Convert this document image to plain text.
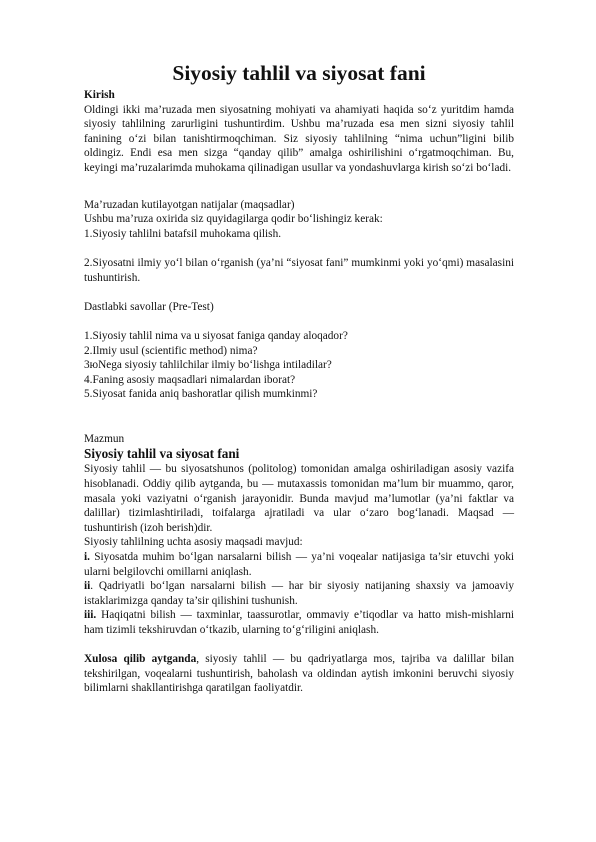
Siyosiy tahlil va siyosat fani
Kirish

Oldingi ikki ma’ruzada men siyosatning mohiyati va ahamiyati haqida so‘z yuritdim hamda siyosiy tahlilning zarurligini tushuntirdim. Ushbu ma’ruzada esa men sizni siyosiy tahlil fanining o‘zi bilan tanishtirmoqchiman. Siz siyosiy tahlilning “nima uchun”ligini bilib oldingiz. Endi esa men sizga “qanday qilib” amalga oshirilishini o‘rgatmoqchiman. Bu, keyingi ma’ruzalarimda muhokama qilinadigan usullar va yondashuvlarga kirish so‘zi bo‘ladi.

Ma’ruzadan kutilayotgan natijalar (maqsadlar)

Ushbu ma’ruza oxirida siz quyidagilarga qodir bo‘lishingiz kerak:

1.Siyosiy tahlilni batafsil muhokama qilish.

2.Siyosatni ilmiy yo‘l bilan o‘rganish (ya’ni “siyosat fani” mumkinmi yoki yo‘qmi) masalasini tushuntirish.

Dastlabki savollar (Pre-Test)

1.Siyosiy tahlil nima va u siyosat faniga qanday aloqador?

2.Ilmiy usul (scientific method) nima?

3юNega siyosiy tahlilchilar ilmiy bo‘lishga intiladilar?

4.Faning asosiy maqsadlari nimalardan iborat?

5.Siyosat fanida aniq bashoratlar qilish mumkinmi?

Mazmun

Siyosiy tahlil va siyosat fani

Siyosiy tahlil — bu siyosatshunos (politolog) tomonidan amalga oshiriladigan asosiy vazifa hisoblanadi. Oddiy qilib aytganda, bu — mutaxassis tomonidan ma’lum bir muammo, qaror, masala yoki vaziyatni o‘rganish jarayonidir. Bunda mavjud ma’lumotlar (ya’ni faktlar va dalillar) tizimlashtiriladi, toifalarga ajratiladi va ular o‘zaro bog‘lanadi. Maqsad — tushuntirish (izoh berish)dir.

Siyosiy tahlilning uchta asosiy maqsadi mavjud:

i. Siyosatda muhim bo‘lgan narsalarni bilish — ya’ni voqealar natijasiga ta’sir etuvchi yoki ularni belgilovchi omillarni aniqlash.

ii. Qadriyatli bo‘lgan narsalarni bilish — har bir siyosiy natijaning shaxsiy va jamoaviy istaklarimizga qanday ta’sir qilishini tushunish.

iii. Haqiqatni bilish — taxminlar, taassurotlar, ommaviy e’tiqodlar va hatto mish-mishlarni ham tizimli tekshiruvdan o‘tkazib, ularning to‘g‘riligini aniqlash.

Xulosa qilib aytganda, siyosiy tahlil — bu qadriyatlarga mos, tajriba va dalillar bilan tekshirilgan, voqealarni tushuntirish, baholash va oldindan aytish imkonini beruvchi siyosiy bilimlarni shakllantirishga qaratilgan faoliyatdir.
